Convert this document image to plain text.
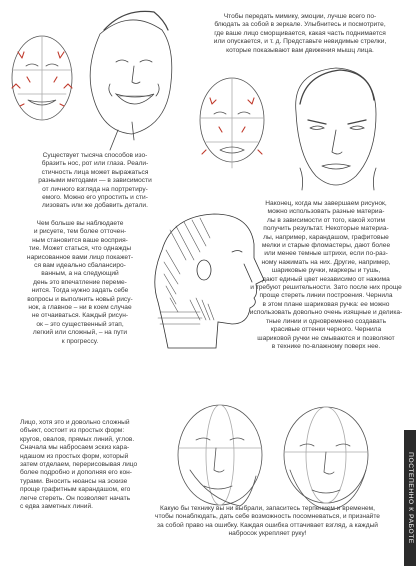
Чтобы передать мимику, эмоции, лучше всего по-
блюдать за собой в зеркале. Улыбнитесь и посмотрите,
где ваше лицо сморщивается, какая часть поднимается
или опускается, и т. д. Представьте невидимые стрелки,
которые показывают вам движения мышц лица.

Существует тысяча способов изо-
бразить нос, рот или глаза. Реали-
стичность лица может выражаться
разными методами — в зависимости
от личного взгляда на портретиру-
емого. Можно его упростить и сти-
лизовать или же добавить детали.

Чем больше вы наблюдаете
и рисуете, тем более отточен-
ным становится ваше восприя-
тие. Может статься, что однажды
нарисованное вами лицо покажет-
ся вам идеально сбалансиро-
ванным, а на следующий
день это впечатление переме-
нится. Тогда нужно задать себе
вопросы и выполнить новый рису-
нок, а главное – ни в коем случае
не отчаиваться. Каждый рисун-
ок – это существенный этап,
легкий или сложный, – на пути
к прогрессу.

Наконец, когда мы завершаем рисунок,
можно использовать разные материа-
лы в зависимости от того, какой хотим
получить результат. Некоторые материа-
лы, например, карандашом, графитовые
мелки и старые фломастеры, дают более
или менее темные штрихи, если по-раз-
ному нажимать на них. Другие, например,
шариковые ручки, маркеры и тушь,
дают единый цвет независимо от нажима
и требуют решительности. Зато после них проще
проще стереть линии построения. Чернила
в этом плане шариковая ручка: ее можно
использовать довольно очень изящные и делика-
тные линии и одновременно создавать
красивые оттенки черного. Чернила
шариковой ручки не смываются и позволяют
в технике по-влажному поверх нее.

Лицо, хотя это и довольно сложный
объект, состоит из простых форм:
кругов, овалов, прямых линий, углов.
Сначала мы набросаем эскиз кара-
ндашом из простых форм, который
затем отделаем, перерисовывая лицо
более подробно и дополняя его кон-
турами. Вносить нюансы на эскизе
проще графитным карандашом, его
легче стереть. Он позволяет начать
с едва заметных линий.	Какую бы технику вы ни выбрали, запаситесь терпением и временем,
чтобы понаблюдать, дать себе возможность посомневаться, и признайте
за собой право на ошибку. Каждая ошибка оттачивает взгляд, а каждый
набросок укрепляет руку!	ПОСТЕПЕННО К РАБОТЕ
